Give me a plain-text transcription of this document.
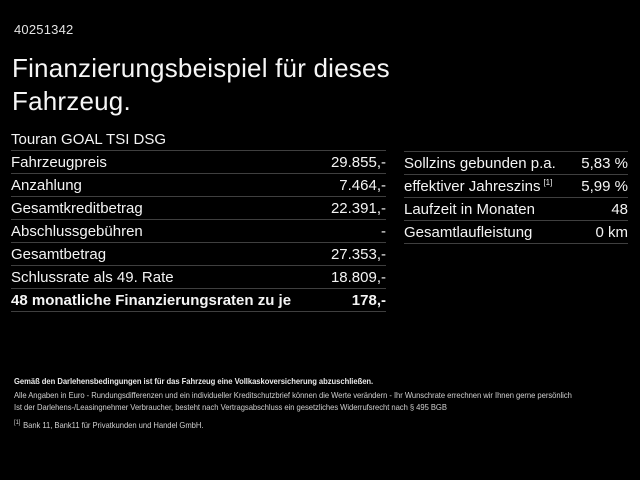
40251342
Finanzierungsbeispiel für dieses Fahrzeug.
Touran GOAL TSI DSG
Fahrzeugpreis	29.855,-
Anzahlung	7.464,-
Gesamtkreditbetrag	22.391,-
Abschlussgebühren	-
Gesamtbetrag	27.353,-
Schlussrate als 49. Rate	18.809,-
48 monatliche Finanzierungsraten zu je	178,-
Sollzins gebunden p.a. 5,83 %
effektiver Jahreszins [1] 5,99 %
Laufzeit in Monaten	48
Gesamtlaufleistung	0 km
Gemäß den Darlehensbedingungen ist für das Fahrzeug eine Vollkaskoversicherung abzuschließen.
Alle Angaben in Euro - Rundungsdifferenzen und ein individueller Kreditschutzbrief können die Werte verändern - Ihr Wunschrate errechnen wir Ihnen gerne persönlich
Ist der Darlehens-/Leasingnehmer Verbraucher, besteht nach Vertragsabschluss ein gesetzliches Widerrufsrecht nach § 495 BGB
[1] Bank 11, Bank11 für Privatkunden und Handel GmbH.
